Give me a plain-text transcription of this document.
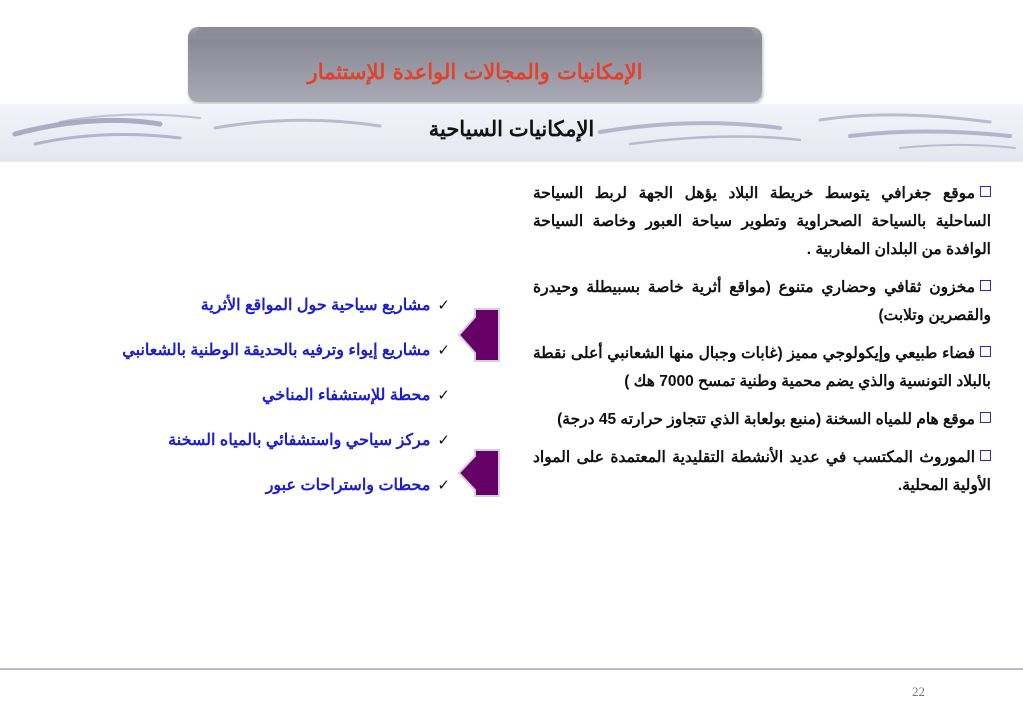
الإمكانيات والمجالات الواعدة للإستثمار
الإمكانيات السياحية

موقع جغرافي يتوسط خريطة البلاد يؤهل الجهة لربط السياحة الساحلية بالسياحة الصحراوية وتطوير سياحة العبور وخاصة السياحة الوافدة من البلدان المغاربية .

مخزون ثقافي وحضاري متنوع (مواقع أثرية خاصة بسبيطلة وحيدرة والقصرين وتلابت)

فضاء طبيعي وإيكولوجي مميز (غابات وجبال منها الشعانبي أعلى نقطة بالبلاد التونسية والذي يضم محمية وطنية تمسح 7000 هك )

موقع هام للمياه السخنة (منبع بولعابة الذي تتجاوز حرارته 45 درجة)

الموروث المكتسب في عديد الأنشطة التقليدية المعتمدة على المواد الأولية المحلية.

✓مشاريع سياحية حول المواقع الأثرية
✓مشاريع إيواء وترفيه بالحديقة الوطنية بالشعانبي
✓محطة للإستشفاء المناخي
✓مركز سياحي واستشفائي بالمياه السخنة
✓محطات واستراحات عبور
22
